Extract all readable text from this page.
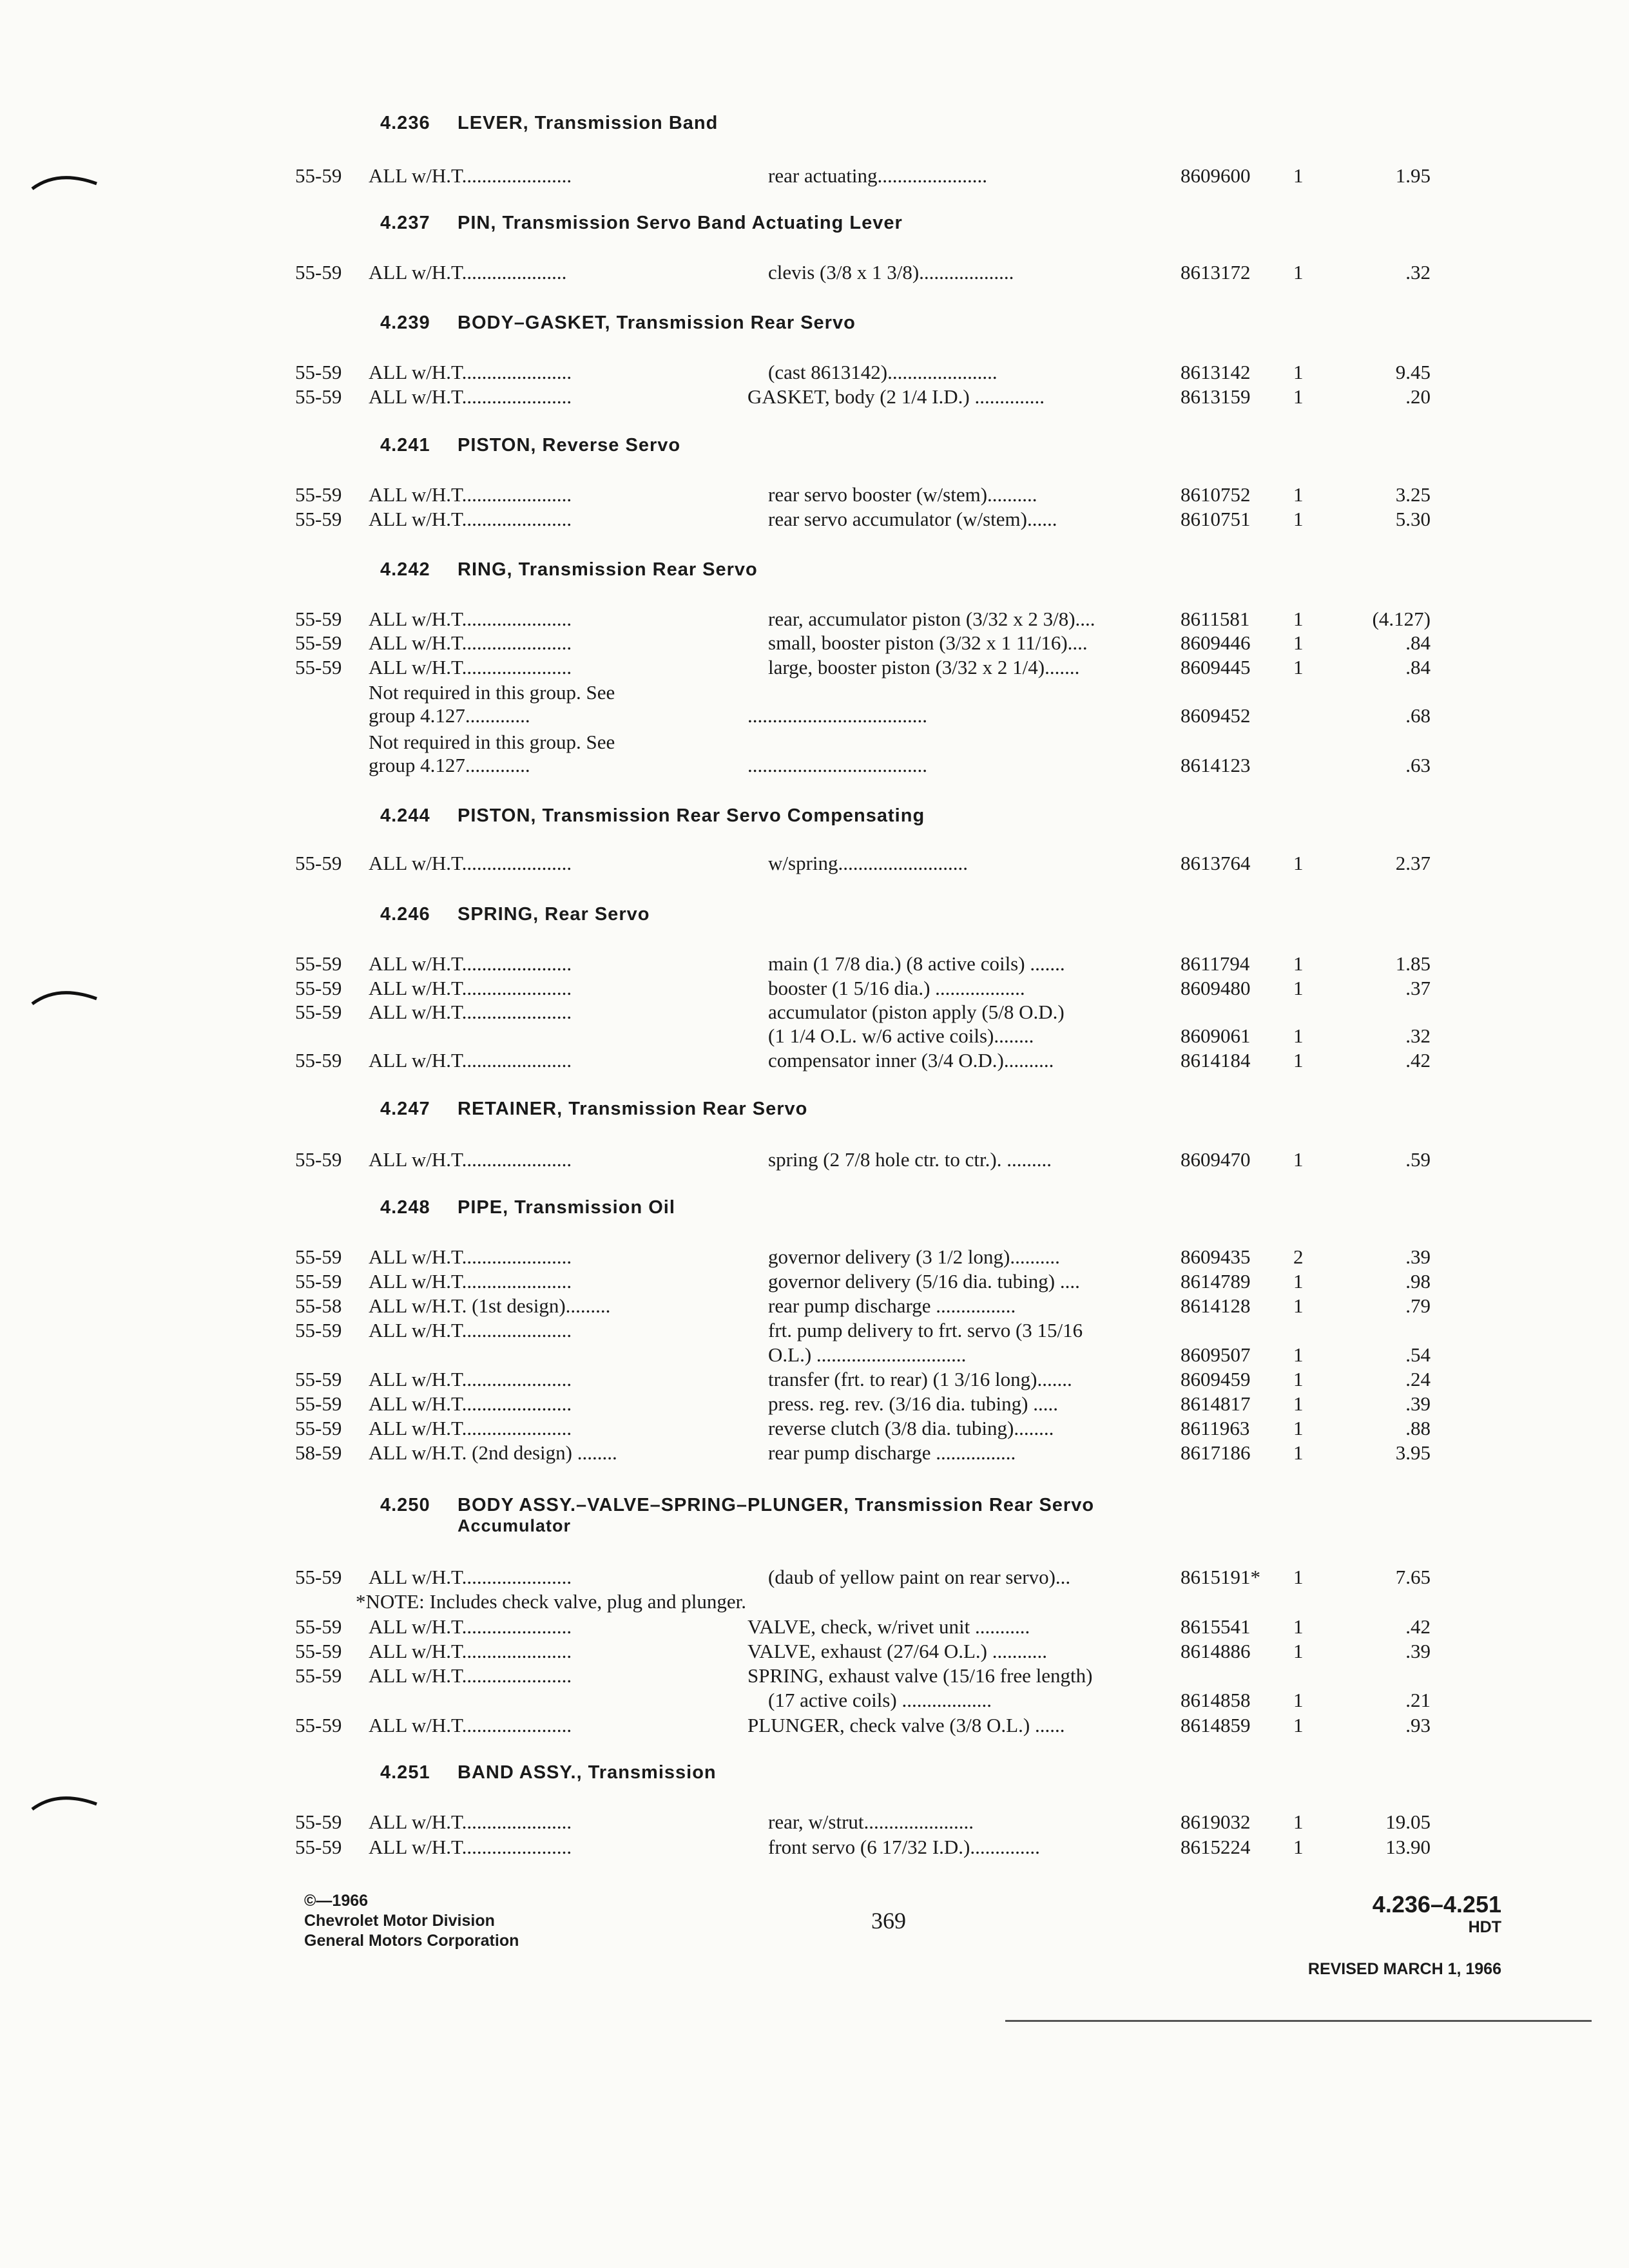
4.236 LEVER, Transmission Band
55-59 ALL w/H.T......................	rear actuating......................	8609600 1	1.95
4.237 PIN, Transmission Servo Band Actuating Lever
55-59 ALL w/H.T.....................	clevis (3/8 x 1 3/8)...................	8613172 1	.32
4.239 BODY–GASKET, Transmission Rear Servo
55-59 ALL w/H.T......................	(cast 8613142)......................	8613142 1	9.45
55-59 ALL w/H.T......................	GASKET, body (2 1/4 I.D.) ..............	8613159 1	.20
4.241 PISTON, Reverse Servo
55-59 ALL w/H.T......................	rear servo booster (w/stem)..........	8610752 1	3.25
55-59 ALL w/H.T......................	rear servo accumulator (w/stem)......	8610751 1	5.30
4.242 RING, Transmission Rear Servo
55-59 ALL w/H.T......................	rear, accumulator piston (3/32 x 2 3/8)....	8611581 1	(4.127)
55-59 ALL w/H.T......................	small, booster piston (3/32 x 1 11/16)....	8609446 1	.84
55-59 ALL w/H.T......................	large, booster piston (3/32 x 2 1/4).......	8609445 1	.84
Not required in this group. See
group 4.127.............	....................................	8609452	.68
Not required in this group. See
group 4.127.............	....................................	8614123	.63
4.244 PISTON, Transmission Rear Servo Compensating
55-59 ALL w/H.T......................	w/spring..........................	8613764 1	2.37
4.246 SPRING, Rear Servo
55-59 ALL w/H.T......................	main (1 7/8 dia.) (8 active coils) .......	8611794 1	1.85
55-59 ALL w/H.T......................	booster (1 5/16 dia.) ..................	8609480 1	.37
55-59 ALL w/H.T......................	accumulator (piston apply (5/8 O.D.)
(1 1/4 O.L. w/6 active coils)........	8609061 1	.32
55-59 ALL w/H.T......................	compensator inner (3/4 O.D.)..........	8614184 1	.42
4.247 RETAINER, Transmission Rear Servo
55-59 ALL w/H.T......................	spring (2 7/8 hole ctr. to ctr.). .........	8609470 1	.59
4.248 PIPE, Transmission Oil
55-59 ALL w/H.T......................	governor delivery (3 1/2 long)..........	8609435 2	.39
55-59 ALL w/H.T......................	governor delivery (5/16 dia. tubing) ....	8614789 1	.98
55-58 ALL w/H.T. (1st design).........	rear pump discharge ................	8614128 1	.79
55-59 ALL w/H.T......................	frt. pump delivery to frt. servo (3 15/16
O.L.) ..............................	8609507 1	.54
55-59 ALL w/H.T......................	transfer (frt. to rear) (1 3/16 long).......	8609459 1	.24
55-59 ALL w/H.T......................	press. reg. rev. (3/16 dia. tubing) .....	8614817 1	.39
55-59 ALL w/H.T......................	reverse clutch (3/8 dia. tubing)........	8611963 1	.88
58-59 ALL w/H.T. (2nd design) ........	rear pump discharge ................	8617186 1	3.95
4.250 BODY ASSY.–VALVE–SPRING–PLUNGER, Transmission Rear Servo
Accumulator
55-59 ALL w/H.T......................	(daub of yellow paint on rear servo)...	8615191* 1	7.65
*NOTE: Includes check valve, plug and plunger.
55-59 ALL w/H.T......................	VALVE, check, w/rivet unit ...........	8615541 1	.42
55-59 ALL w/H.T......................	VALVE, exhaust (27/64 O.L.) ...........	8614886 1	.39
55-59 ALL w/H.T......................	SPRING, exhaust valve (15/16 free length)
(17 active coils) ..................	8614858 1	.21
55-59 ALL w/H.T......................	PLUNGER, check valve (3/8 O.L.) ......	8614859 1	.93
4.251 BAND ASSY., Transmission
55-59 ALL w/H.T......................	rear, w/strut......................	8619032 1	19.05
55-59 ALL w/H.T......................	front servo (6 17/32 I.D.)..............	8615224 1	13.90
©—1966
Chevrolet Motor Division
General Motors Corporation
369
4.236–4.251
HDT
REVISED MARCH 1, 1966
